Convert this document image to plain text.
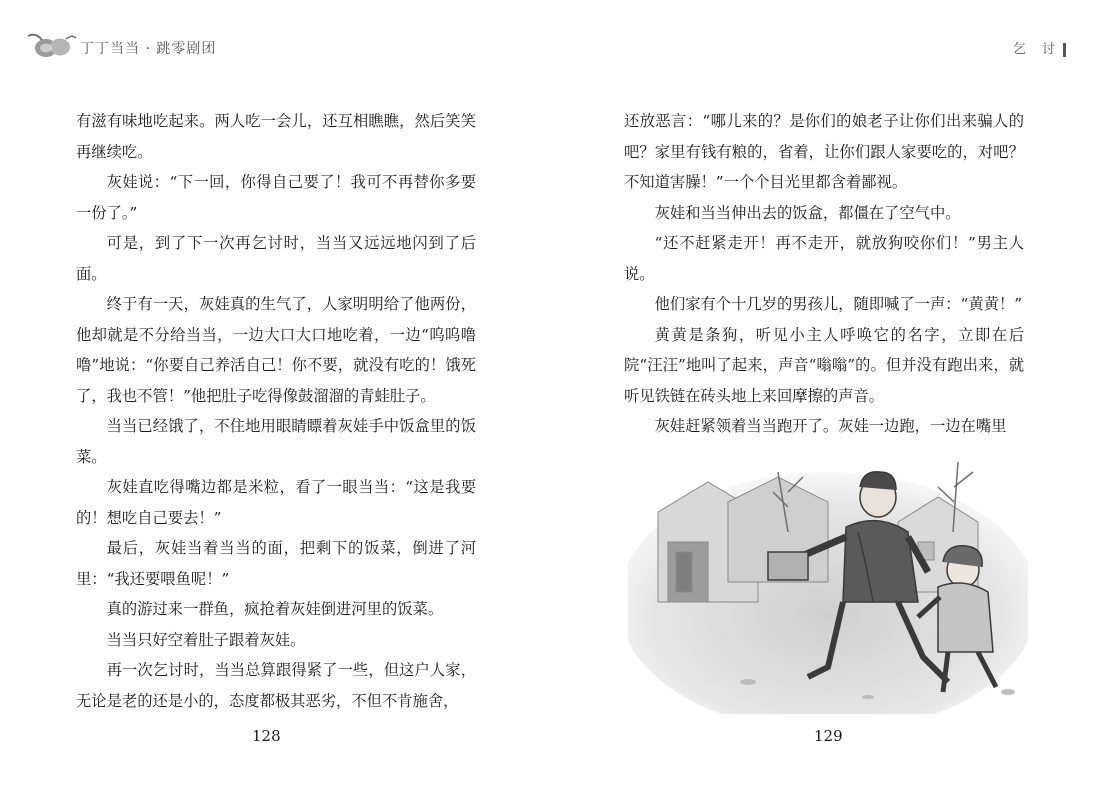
丁丁当当 · 跳零剧团	乞 讨

有滋有味地吃起来。两人吃一会儿，还互相瞧瞧，然后笑笑再继续吃。

灰娃说：“下一回，你得自己要了！我可不再替你多要一份了。”

可是，到了下一次再乞讨时，当当又远远地闪到了后面。

终于有一天，灰娃真的生气了，人家明明给了他两份，他却就是不分给当当，一边大口大口地吃着，一边“呜呜噜噜”地说：“你要自己养活自己！你不要，就没有吃的！饿死了，我也不管！”他把肚子吃得像鼓溜溜的青蛙肚子。

当当已经饿了，不住地用眼睛瞟着灰娃手中饭盒里的饭菜。

灰娃直吃得嘴边都是米粒，看了一眼当当：“这是我要的！想吃自己要去！”

最后，灰娃当着当当的面，把剩下的饭菜，倒进了河里：“我还要喂鱼呢！”

真的游过来一群鱼，疯抢着灰娃倒进河里的饭菜。

当当只好空着肚子跟着灰娃。

再一次乞讨时，当当总算跟得紧了一些，但这户人家，无论是老的还是小的，态度都极其恶劣，不但不肯施舍，

128

还放恶言：“哪儿来的？是你们的娘老子让你们出来骗人的吧？家里有钱有粮的，省着，让你们跟人家要吃的，对吧？不知道害臊！”一个个目光里都含着鄙视。

灰娃和当当伸出去的饭盒，都僵在了空气中。

“还不赶紧走开！再不走开，就放狗咬你们！”男主人说。

他们家有个十几岁的男孩儿，随即喊了一声：“黄黄！”

黄黄是条狗，听见小主人呼唤它的名字，立即在后院“汪汪”地叫了起来，声音“嗡嗡”的。但并没有跑出来，就听见铁链在砖头地上来回摩擦的声音。

灰娃赶紧领着当当跑开了。灰娃一边跑，一边在嘴里

129
